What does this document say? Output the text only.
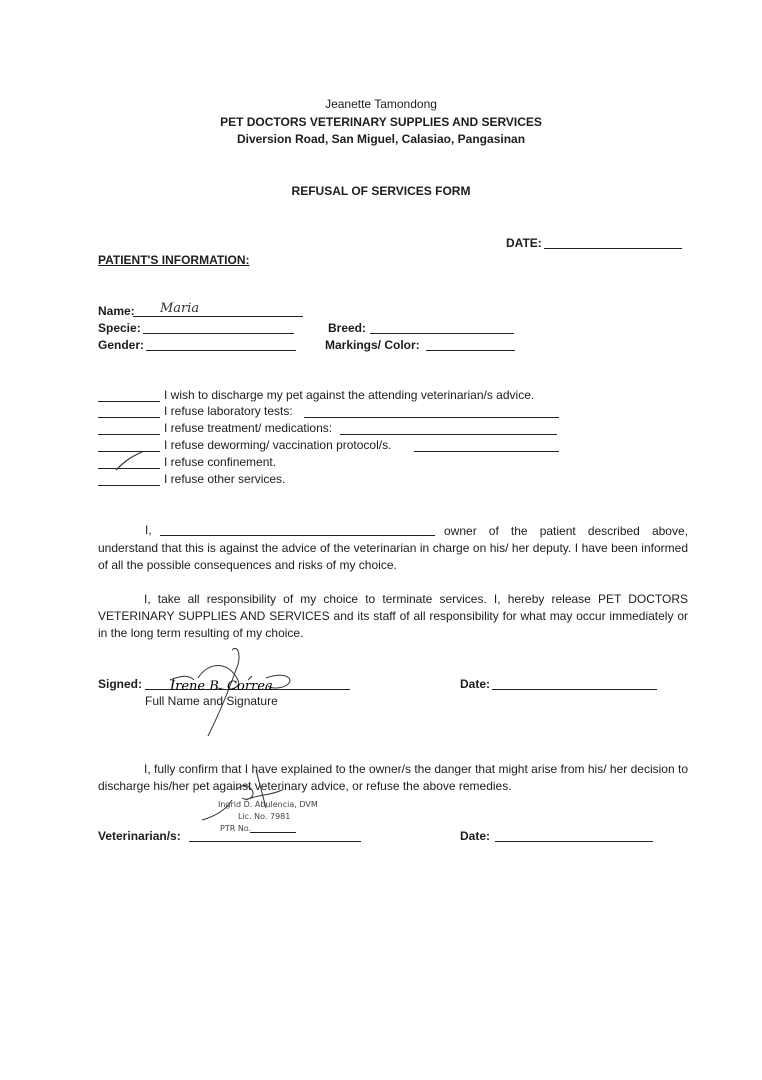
Jeanette Tamondong
PET DOCTORS VETERINARY SUPPLIES AND SERVICES
Diversion Road, San Miguel, Calasiao, Pangasinan
REFUSAL OF SERVICES FORM
DATE:
PATIENT'S INFORMATION:
Name: Maria
Specie:
Gender:
Breed:
Markings/ Color:
I wish to discharge my pet against the attending veterinarian/s advice.
I refuse laboratory tests:
I refuse treatment/ medications:
I refuse deworming/ vaccination protocol/s.
I refuse confinement.
I refuse other services.
I,	owner of the patient described above, understand that this is against the advice of the veterinarian in charge on his/ her deputy. I have been informed of all the possible consequences and risks of my choice.

I, take all responsibility of my choice to terminate services. I, hereby release PET DOCTORS VETERINARY SUPPLIES AND SERVICES and its staff of all responsibility for what may occur immediately or in the long term resulting of my choice.

Signed: Irene B. Correa
Full Name and Signature
Date:

I, fully confirm that I have explained to the owner/s the danger that might arise from his/ her decision to discharge his/her pet against veterinary advice, or refuse the above remedies.

Ingrid D. Abulencia, DVM
Lic. No. 7981
PTR No.
Veterinarian/s:	Date:
